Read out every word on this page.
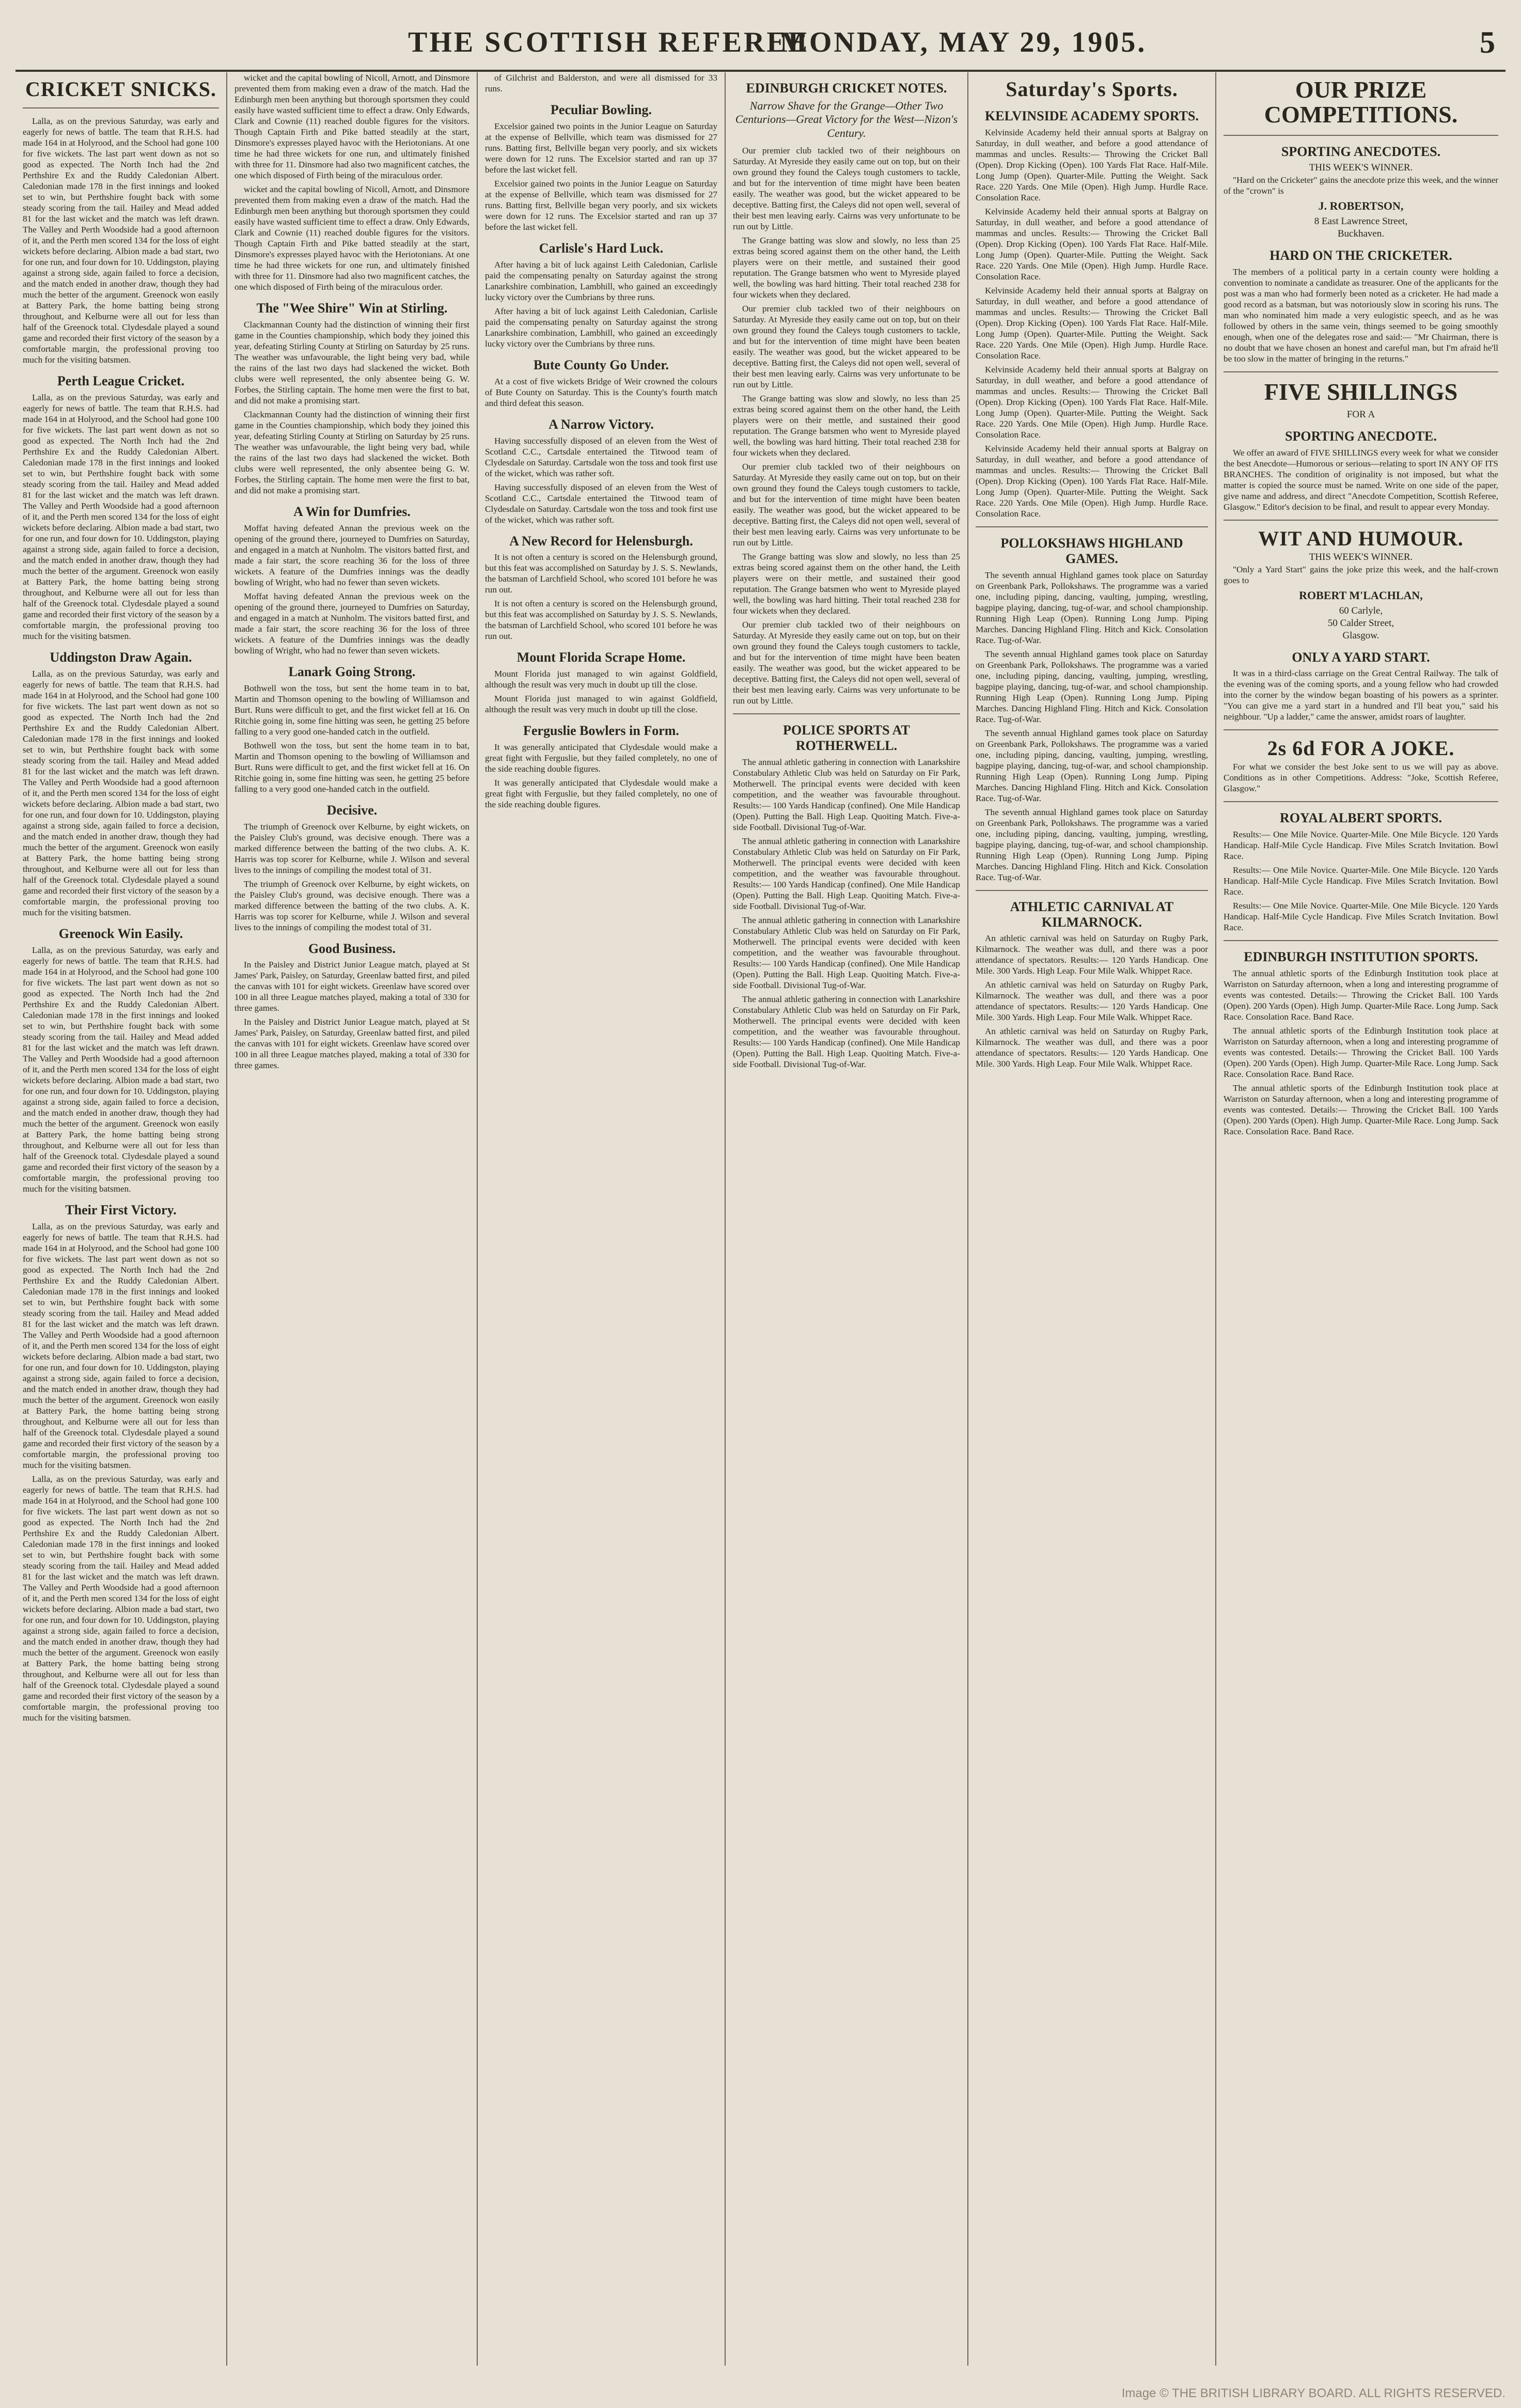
THE SCOTTISH REFEREE
MONDAY, MAY 29, 1905.	5
CRICKET SNICKS.

Lalla, as on the previous Saturday, was early and eagerly for news of battle. The team that R.H.S. had made 164 in at Holyrood, and the School had gone 100 for five wickets. The last part went down as not so good as expected. The North Inch had the 2nd Perthshire Ex and the Ruddy Caledonian Albert. Caledonian made 178 in the first innings and looked set to win, but Perthshire fought back with some steady scoring from the tail. Hailey and Mead added 81 for the last wicket and the match was left drawn. The Valley and Perth Woodside had a good afternoon of it, and the Perth men scored 134 for the loss of eight wickets before declaring. Albion made a bad start, two for one run, and four down for 10. Uddingston, playing against a strong side, again failed to force a decision, and the match ended in another draw, though they had much the better of the argument. Greenock won easily at Battery Park, the home batting being strong throughout, and Kelburne were all out for less than half of the Greenock total. Clydesdale played a sound game and recorded their first victory of the season by a comfortable margin, the professional proving too much for the visiting batsmen.

Perth League Cricket.

Lalla, as on the previous Saturday, was early and eagerly for news of battle. The team that R.H.S. had made 164 in at Holyrood, and the School had gone 100 for five wickets. The last part went down as not so good as expected. The North Inch had the 2nd Perthshire Ex and the Ruddy Caledonian Albert. Caledonian made 178 in the first innings and looked set to win, but Perthshire fought back with some steady scoring from the tail. Hailey and Mead added 81 for the last wicket and the match was left drawn. The Valley and Perth Woodside had a good afternoon of it, and the Perth men scored 134 for the loss of eight wickets before declaring. Albion made a bad start, two for one run, and four down for 10. Uddingston, playing against a strong side, again failed to force a decision, and the match ended in another draw, though they had much the better of the argument. Greenock won easily at Battery Park, the home batting being strong throughout, and Kelburne were all out for less than half of the Greenock total. Clydesdale played a sound game and recorded their first victory of the season by a comfortable margin, the professional proving too much for the visiting batsmen.

Uddingston Draw Again.

Lalla, as on the previous Saturday, was early and eagerly for news of battle. The team that R.H.S. had made 164 in at Holyrood, and the School had gone 100 for five wickets. The last part went down as not so good as expected. The North Inch had the 2nd Perthshire Ex and the Ruddy Caledonian Albert. Caledonian made 178 in the first innings and looked set to win, but Perthshire fought back with some steady scoring from the tail. Hailey and Mead added 81 for the last wicket and the match was left drawn. The Valley and Perth Woodside had a good afternoon of it, and the Perth men scored 134 for the loss of eight wickets before declaring. Albion made a bad start, two for one run, and four down for 10. Uddingston, playing against a strong side, again failed to force a decision, and the match ended in another draw, though they had much the better of the argument. Greenock won easily at Battery Park, the home batting being strong throughout, and Kelburne were all out for less than half of the Greenock total. Clydesdale played a sound game and recorded their first victory of the season by a comfortable margin, the professional proving too much for the visiting batsmen.

Greenock Win Easily.

Lalla, as on the previous Saturday, was early and eagerly for news of battle. The team that R.H.S. had made 164 in at Holyrood, and the School had gone 100 for five wickets. The last part went down as not so good as expected. The North Inch had the 2nd Perthshire Ex and the Ruddy Caledonian Albert. Caledonian made 178 in the first innings and looked set to win, but Perthshire fought back with some steady scoring from the tail. Hailey and Mead added 81 for the last wicket and the match was left drawn. The Valley and Perth Woodside had a good afternoon of it, and the Perth men scored 134 for the loss of eight wickets before declaring. Albion made a bad start, two for one run, and four down for 10. Uddingston, playing against a strong side, again failed to force a decision, and the match ended in another draw, though they had much the better of the argument. Greenock won easily at Battery Park, the home batting being strong throughout, and Kelburne were all out for less than half of the Greenock total. Clydesdale played a sound game and recorded their first victory of the season by a comfortable margin, the professional proving too much for the visiting batsmen.

Their First Victory.

Lalla, as on the previous Saturday, was early and eagerly for news of battle. The team that R.H.S. had made 164 in at Holyrood, and the School had gone 100 for five wickets. The last part went down as not so good as expected. The North Inch had the 2nd Perthshire Ex and the Ruddy Caledonian Albert. Caledonian made 178 in the first innings and looked set to win, but Perthshire fought back with some steady scoring from the tail. Hailey and Mead added 81 for the last wicket and the match was left drawn. The Valley and Perth Woodside had a good afternoon of it, and the Perth men scored 134 for the loss of eight wickets before declaring. Albion made a bad start, two for one run, and four down for 10. Uddingston, playing against a strong side, again failed to force a decision, and the match ended in another draw, though they had much the better of the argument. Greenock won easily at Battery Park, the home batting being strong throughout, and Kelburne were all out for less than half of the Greenock total. Clydesdale played a sound game and recorded their first victory of the season by a comfortable margin, the professional proving too much for the visiting batsmen.

Lalla, as on the previous Saturday, was early and eagerly for news of battle. The team that R.H.S. had made 164 in at Holyrood, and the School had gone 100 for five wickets. The last part went down as not so good as expected. The North Inch had the 2nd Perthshire Ex and the Ruddy Caledonian Albert. Caledonian made 178 in the first innings and looked set to win, but Perthshire fought back with some steady scoring from the tail. Hailey and Mead added 81 for the last wicket and the match was left drawn. The Valley and Perth Woodside had a good afternoon of it, and the Perth men scored 134 for the loss of eight wickets before declaring. Albion made a bad start, two for one run, and four down for 10. Uddingston, playing against a strong side, again failed to force a decision, and the match ended in another draw, though they had much the better of the argument. Greenock won easily at Battery Park, the home batting being strong throughout, and Kelburne were all out for less than half of the Greenock total. Clydesdale played a sound game and recorded their first victory of the season by a comfortable margin, the professional proving too much for the visiting batsmen.

wicket and the capital bowling of Nicoll, Arnott, and Dinsmore prevented them from making even a draw of the match. Had the Edinburgh men been anything but thorough sportsmen they could easily have wasted sufficient time to effect a draw. Only Edwards, Clark and Cownie (11) reached double figures for the visitors. Though Captain Firth and Pike batted steadily at the start, Dinsmore's expresses played havoc with the Heriotonians. At one time he had three wickets for one run, and ultimately finished with three for 11. Dinsmore had also two magnificent catches, the one which disposed of Firth being of the miraculous order.

wicket and the capital bowling of Nicoll, Arnott, and Dinsmore prevented them from making even a draw of the match. Had the Edinburgh men been anything but thorough sportsmen they could easily have wasted sufficient time to effect a draw. Only Edwards, Clark and Cownie (11) reached double figures for the visitors. Though Captain Firth and Pike batted steadily at the start, Dinsmore's expresses played havoc with the Heriotonians. At one time he had three wickets for one run, and ultimately finished with three for 11. Dinsmore had also two magnificent catches, the one which disposed of Firth being of the miraculous order.

The "Wee Shire" Win at Stirling.

Clackmannan County had the distinction of winning their first game in the Counties championship, which body they joined this year, defeating Stirling County at Stirling on Saturday by 25 runs. The weather was unfavourable, the light being very bad, while the rains of the last two days had slackened the wicket. Both clubs were well represented, the only absentee being G. W. Forbes, the Stirling captain. The home men were the first to bat, and did not make a promising start.

Clackmannan County had the distinction of winning their first game in the Counties championship, which body they joined this year, defeating Stirling County at Stirling on Saturday by 25 runs. The weather was unfavourable, the light being very bad, while the rains of the last two days had slackened the wicket. Both clubs were well represented, the only absentee being G. W. Forbes, the Stirling captain. The home men were the first to bat, and did not make a promising start.

A Win for Dumfries.

Moffat having defeated Annan the previous week on the opening of the ground there, journeyed to Dumfries on Saturday, and engaged in a match at Nunholm. The visitors batted first, and made a fair start, the score reaching 36 for the loss of three wickets. A feature of the Dumfries innings was the deadly bowling of Wright, who had no fewer than seven wickets.

Moffat having defeated Annan the previous week on the opening of the ground there, journeyed to Dumfries on Saturday, and engaged in a match at Nunholm. The visitors batted first, and made a fair start, the score reaching 36 for the loss of three wickets. A feature of the Dumfries innings was the deadly bowling of Wright, who had no fewer than seven wickets.

Lanark Going Strong.

Bothwell won the toss, but sent the home team in to bat, Martin and Thomson opening to the bowling of Williamson and Burt. Runs were difficult to get, and the first wicket fell at 16. On Ritchie going in, some fine hitting was seen, he getting 25 before falling to a very good one-handed catch in the outfield.

Bothwell won the toss, but sent the home team in to bat, Martin and Thomson opening to the bowling of Williamson and Burt. Runs were difficult to get, and the first wicket fell at 16. On Ritchie going in, some fine hitting was seen, he getting 25 before falling to a very good one-handed catch in the outfield.

Decisive.

The triumph of Greenock over Kelburne, by eight wickets, on the Paisley Club's ground, was decisive enough. There was a marked difference between the batting of the two clubs. A. K. Harris was top scorer for Kelburne, while J. Wilson and several lives to the innings of compiling the modest total of 31.

The triumph of Greenock over Kelburne, by eight wickets, on the Paisley Club's ground, was decisive enough. There was a marked difference between the batting of the two clubs. A. K. Harris was top scorer for Kelburne, while J. Wilson and several lives to the innings of compiling the modest total of 31.

Good Business.

In the Paisley and District Junior League match, played at St James' Park, Paisley, on Saturday, Greenlaw batted first, and piled the canvas with 101 for eight wickets. Greenlaw have scored over 100 in all three League matches played, making a total of 330 for three games.

In the Paisley and District Junior League match, played at St James' Park, Paisley, on Saturday, Greenlaw batted first, and piled the canvas with 101 for eight wickets. Greenlaw have scored over 100 in all three League matches played, making a total of 330 for three games.

of Gilchrist and Balderston, and were all dismissed for 33 runs.

Peculiar Bowling.

Excelsior gained two points in the Junior League on Saturday at the expense of Bellville, which team was dismissed for 27 runs. Batting first, Bellville began very poorly, and six wickets were down for 12 runs. The Excelsior started and ran up 37 before the last wicket fell.

Excelsior gained two points in the Junior League on Saturday at the expense of Bellville, which team was dismissed for 27 runs. Batting first, Bellville began very poorly, and six wickets were down for 12 runs. The Excelsior started and ran up 37 before the last wicket fell.

Carlisle's Hard Luck.

After having a bit of luck against Leith Caledonian, Carlisle paid the compensating penalty on Saturday against the strong Lanarkshire combination, Lambhill, who gained an exceedingly lucky victory over the Cumbrians by three runs.

After having a bit of luck against Leith Caledonian, Carlisle paid the compensating penalty on Saturday against the strong Lanarkshire combination, Lambhill, who gained an exceedingly lucky victory over the Cumbrians by three runs.

Bute County Go Under.

At a cost of five wickets Bridge of Weir crowned the colours of Bute County on Saturday. This is the County's fourth match and third defeat this season.

A Narrow Victory.

Having successfully disposed of an eleven from the West of Scotland C.C., Cartsdale entertained the Titwood team of Clydesdale on Saturday. Cartsdale won the toss and took first use of the wicket, which was rather soft.

Having successfully disposed of an eleven from the West of Scotland C.C., Cartsdale entertained the Titwood team of Clydesdale on Saturday. Cartsdale won the toss and took first use of the wicket, which was rather soft.

A New Record for Helensburgh.

It is not often a century is scored on the Helensburgh ground, but this feat was accomplished on Saturday by J. S. S. Newlands, the batsman of Larchfield School, who scored 101 before he was run out.

It is not often a century is scored on the Helensburgh ground, but this feat was accomplished on Saturday by J. S. S. Newlands, the batsman of Larchfield School, who scored 101 before he was run out.

Mount Florida Scrape Home.

Mount Florida just managed to win against Goldfield, although the result was very much in doubt up till the close.

Mount Florida just managed to win against Goldfield, although the result was very much in doubt up till the close.

Ferguslie Bowlers in Form.

It was generally anticipated that Clydesdale would make a great fight with Ferguslie, but they failed completely, no one of the side reaching double figures.

It was generally anticipated that Clydesdale would make a great fight with Ferguslie, but they failed completely, no one of the side reaching double figures.

EDINBURGH CRICKET NOTES.
Narrow Shave for the Grange—Other Two Centurions—Great Victory for the West—Nizon's Century.

Our premier club tackled two of their neighbours on Saturday. At Myreside they easily came out on top, but on their own ground they found the Caleys tough customers to tackle, and but for the intervention of time might have been beaten easily. The weather was good, but the wicket appeared to be deceptive. Batting first, the Caleys did not open well, several of their best men leaving early. Cairns was very unfortunate to be run out by Little.

The Grange batting was slow and slowly, no less than 25 extras being scored against them on the other hand, the Leith players were on their mettle, and sustained their good reputation. The Grange batsmen who went to Myreside played well, the bowling was hard hitting. Their total reached 238 for four wickets when they declared.

Our premier club tackled two of their neighbours on Saturday. At Myreside they easily came out on top, but on their own ground they found the Caleys tough customers to tackle, and but for the intervention of time might have been beaten easily. The weather was good, but the wicket appeared to be deceptive. Batting first, the Caleys did not open well, several of their best men leaving early. Cairns was very unfortunate to be run out by Little.

The Grange batting was slow and slowly, no less than 25 extras being scored against them on the other hand, the Leith players were on their mettle, and sustained their good reputation. The Grange batsmen who went to Myreside played well, the bowling was hard hitting. Their total reached 238 for four wickets when they declared.

Our premier club tackled two of their neighbours on Saturday. At Myreside they easily came out on top, but on their own ground they found the Caleys tough customers to tackle, and but for the intervention of time might have been beaten easily. The weather was good, but the wicket appeared to be deceptive. Batting first, the Caleys did not open well, several of their best men leaving early. Cairns was very unfortunate to be run out by Little.

The Grange batting was slow and slowly, no less than 25 extras being scored against them on the other hand, the Leith players were on their mettle, and sustained their good reputation. The Grange batsmen who went to Myreside played well, the bowling was hard hitting. Their total reached 238 for four wickets when they declared.

Our premier club tackled two of their neighbours on Saturday. At Myreside they easily came out on top, but on their own ground they found the Caleys tough customers to tackle, and but for the intervention of time might have been beaten easily. The weather was good, but the wicket appeared to be deceptive. Batting first, the Caleys did not open well, several of their best men leaving early. Cairns was very unfortunate to be run out by Little.

POLICE SPORTS AT ROTHERWELL.

The annual athletic gathering in connection with Lanarkshire Constabulary Athletic Club was held on Saturday on Fir Park, Motherwell. The principal events were decided with keen competition, and the weather was favourable throughout. Results:— 100 Yards Handicap (confined). One Mile Handicap (Open). Putting the Ball. High Leap. Quoiting Match. Five-a-side Football. Divisional Tug-of-War.

The annual athletic gathering in connection with Lanarkshire Constabulary Athletic Club was held on Saturday on Fir Park, Motherwell. The principal events were decided with keen competition, and the weather was favourable throughout. Results:— 100 Yards Handicap (confined). One Mile Handicap (Open). Putting the Ball. High Leap. Quoiting Match. Five-a-side Football. Divisional Tug-of-War.

The annual athletic gathering in connection with Lanarkshire Constabulary Athletic Club was held on Saturday on Fir Park, Motherwell. The principal events were decided with keen competition, and the weather was favourable throughout. Results:— 100 Yards Handicap (confined). One Mile Handicap (Open). Putting the Ball. High Leap. Quoiting Match. Five-a-side Football. Divisional Tug-of-War.

The annual athletic gathering in connection with Lanarkshire Constabulary Athletic Club was held on Saturday on Fir Park, Motherwell. The principal events were decided with keen competition, and the weather was favourable throughout. Results:— 100 Yards Handicap (confined). One Mile Handicap (Open). Putting the Ball. High Leap. Quoiting Match. Five-a-side Football. Divisional Tug-of-War.

Saturday's Sports.
KELVINSIDE ACADEMY SPORTS.

Kelvinside Academy held their annual sports at Balgray on Saturday, in dull weather, and before a good attendance of mammas and uncles. Results:— Throwing the Cricket Ball (Open). Drop Kicking (Open). 100 Yards Flat Race. Half-Mile. Long Jump (Open). Quarter-Mile. Putting the Weight. Sack Race. 220 Yards. One Mile (Open). High Jump. Hurdle Race. Consolation Race.

Kelvinside Academy held their annual sports at Balgray on Saturday, in dull weather, and before a good attendance of mammas and uncles. Results:— Throwing the Cricket Ball (Open). Drop Kicking (Open). 100 Yards Flat Race. Half-Mile. Long Jump (Open). Quarter-Mile. Putting the Weight. Sack Race. 220 Yards. One Mile (Open). High Jump. Hurdle Race. Consolation Race.

Kelvinside Academy held their annual sports at Balgray on Saturday, in dull weather, and before a good attendance of mammas and uncles. Results:— Throwing the Cricket Ball (Open). Drop Kicking (Open). 100 Yards Flat Race. Half-Mile. Long Jump (Open). Quarter-Mile. Putting the Weight. Sack Race. 220 Yards. One Mile (Open). High Jump. Hurdle Race. Consolation Race.

Kelvinside Academy held their annual sports at Balgray on Saturday, in dull weather, and before a good attendance of mammas and uncles. Results:— Throwing the Cricket Ball (Open). Drop Kicking (Open). 100 Yards Flat Race. Half-Mile. Long Jump (Open). Quarter-Mile. Putting the Weight. Sack Race. 220 Yards. One Mile (Open). High Jump. Hurdle Race. Consolation Race.

Kelvinside Academy held their annual sports at Balgray on Saturday, in dull weather, and before a good attendance of mammas and uncles. Results:— Throwing the Cricket Ball (Open). Drop Kicking (Open). 100 Yards Flat Race. Half-Mile. Long Jump (Open). Quarter-Mile. Putting the Weight. Sack Race. 220 Yards. One Mile (Open). High Jump. Hurdle Race. Consolation Race.

POLLOKSHAWS HIGHLAND GAMES.

The seventh annual Highland games took place on Saturday on Greenbank Park, Pollokshaws. The programme was a varied one, including piping, dancing, vaulting, jumping, wrestling, bagpipe playing, dancing, tug-of-war, and school championship. Running High Leap (Open). Running Long Jump. Piping Marches. Dancing Highland Fling. Hitch and Kick. Consolation Race. Tug-of-War.

The seventh annual Highland games took place on Saturday on Greenbank Park, Pollokshaws. The programme was a varied one, including piping, dancing, vaulting, jumping, wrestling, bagpipe playing, dancing, tug-of-war, and school championship. Running High Leap (Open). Running Long Jump. Piping Marches. Dancing Highland Fling. Hitch and Kick. Consolation Race. Tug-of-War.

The seventh annual Highland games took place on Saturday on Greenbank Park, Pollokshaws. The programme was a varied one, including piping, dancing, vaulting, jumping, wrestling, bagpipe playing, dancing, tug-of-war, and school championship. Running High Leap (Open). Running Long Jump. Piping Marches. Dancing Highland Fling. Hitch and Kick. Consolation Race. Tug-of-War.

The seventh annual Highland games took place on Saturday on Greenbank Park, Pollokshaws. The programme was a varied one, including piping, dancing, vaulting, jumping, wrestling, bagpipe playing, dancing, tug-of-war, and school championship. Running High Leap (Open). Running Long Jump. Piping Marches. Dancing Highland Fling. Hitch and Kick. Consolation Race. Tug-of-War.

ATHLETIC CARNIVAL AT KILMARNOCK.

An athletic carnival was held on Saturday on Rugby Park, Kilmarnock. The weather was dull, and there was a poor attendance of spectators. Results:— 120 Yards Handicap. One Mile. 300 Yards. High Leap. Four Mile Walk. Whippet Race.

An athletic carnival was held on Saturday on Rugby Park, Kilmarnock. The weather was dull, and there was a poor attendance of spectators. Results:— 120 Yards Handicap. One Mile. 300 Yards. High Leap. Four Mile Walk. Whippet Race.

An athletic carnival was held on Saturday on Rugby Park, Kilmarnock. The weather was dull, and there was a poor attendance of spectators. Results:— 120 Yards Handicap. One Mile. 300 Yards. High Leap. Four Mile Walk. Whippet Race.

OUR PRIZE COMPETITIONS.
SPORTING ANECDOTES.
THIS WEEK'S WINNER.

"Hard on the Cricketer" gains the anecdote prize this week, and the winner of the "crown" is

J. ROBERTSON,
8 East Lawrence Street,
Buckhaven.
HARD ON THE CRICKETER.

The members of a political party in a certain county were holding a convention to nominate a candidate as treasurer. One of the applicants for the post was a man who had formerly been noted as a cricketer. He had made a good record as a batsman, but was notoriously slow in scoring his runs. The man who nominated him made a very eulogistic speech, and as he was followed by others in the same vein, things seemed to be going smoothly enough, when one of the delegates rose and said:— "Mr Chairman, there is no doubt that we have chosen an honest and careful man, but I'm afraid he'll be too slow in the matter of bringing in the returns."

FIVE SHILLINGS
FOR A
SPORTING ANECDOTE.

We offer an award of FIVE SHILLINGS every week for what we consider the best Anecdote—Humorous or serious—relating to sport IN ANY OF ITS BRANCHES. The condition of originality is not imposed, but what the matter is copied the source must be named. Write on one side of the paper, give name and address, and direct "Anecdote Competition, Scottish Referee, Glasgow." Editor's decision to be final, and result to appear every Monday.

WIT AND HUMOUR.
THIS WEEK'S WINNER.

"Only a Yard Start" gains the joke prize this week, and the half-crown goes to

ROBERT M'LACHLAN,
60 Carlyle,
50 Calder Street,
Glasgow.
ONLY A YARD START.

It was in a third-class carriage on the Great Central Railway. The talk of the evening was of the coming sports, and a young fellow who had crowded into the corner by the window began boasting of his powers as a sprinter. "You can give me a yard start in a hundred and I'll beat you," said his neighbour. "Up a ladder," came the answer, amidst roars of laughter.

2s 6d FOR A JOKE.

For what we consider the best Joke sent to us we will pay as above. Conditions as in other Competitions. Address: "Joke, Scottish Referee, Glasgow."

ROYAL ALBERT SPORTS.

Results:— One Mile Novice. Quarter-Mile. One Mile Bicycle. 120 Yards Handicap. Half-Mile Cycle Handicap. Five Miles Scratch Invitation. Bowl Race.

Results:— One Mile Novice. Quarter-Mile. One Mile Bicycle. 120 Yards Handicap. Half-Mile Cycle Handicap. Five Miles Scratch Invitation. Bowl Race.

Results:— One Mile Novice. Quarter-Mile. One Mile Bicycle. 120 Yards Handicap. Half-Mile Cycle Handicap. Five Miles Scratch Invitation. Bowl Race.

EDINBURGH INSTITUTION SPORTS.

The annual athletic sports of the Edinburgh Institution took place at Warriston on Saturday afternoon, when a long and interesting programme of events was contested. Details:— Throwing the Cricket Ball. 100 Yards (Open). 200 Yards (Open). High Jump. Quarter-Mile Race. Long Jump. Sack Race. Consolation Race. Band Race.

The annual athletic sports of the Edinburgh Institution took place at Warriston on Saturday afternoon, when a long and interesting programme of events was contested. Details:— Throwing the Cricket Ball. 100 Yards (Open). 200 Yards (Open). High Jump. Quarter-Mile Race. Long Jump. Sack Race. Consolation Race. Band Race.

The annual athletic sports of the Edinburgh Institution took place at Warriston on Saturday afternoon, when a long and interesting programme of events was contested. Details:— Throwing the Cricket Ball. 100 Yards (Open). 200 Yards (Open). High Jump. Quarter-Mile Race. Long Jump. Sack Race. Consolation Race. Band Race.

Image © THE BRITISH LIBRARY BOARD. ALL RIGHTS RESERVED.
